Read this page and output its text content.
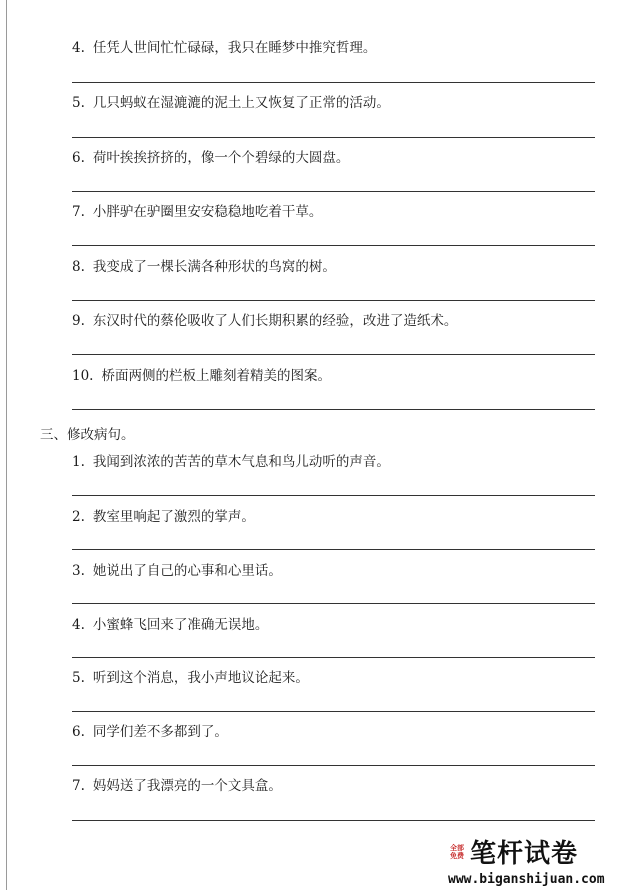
4. 任凭人世间忙忙碌碌，我只在睡梦中推究哲理。
5. 几只蚂蚁在湿漉漉的泥土上又恢复了正常的活动。
6. 荷叶挨挨挤挤的，像一个个碧绿的大圆盘。
7. 小胖驴在驴圈里安安稳稳地吃着干草。
8. 我变成了一棵长满各种形状的鸟窝的树。
9. 东汉时代的蔡伦吸收了人们长期积累的经验，改进了造纸术。
10. 桥面两侧的栏板上雕刻着精美的图案。
三、修改病句。
1. 我闻到浓浓的苦苦的草木气息和鸟儿动听的声音。
2. 教室里响起了激烈的掌声。
3. 她说出了自己的心事和心里话。
4. 小蜜蜂飞回来了准确无误地。
5. 听到这个消息，我小声地议论起来。
6. 同学们差不多都到了。
7. 妈妈送了我漂亮的一个文具盒。
全部免费 笔杆试卷
www.biganshijuan.com
